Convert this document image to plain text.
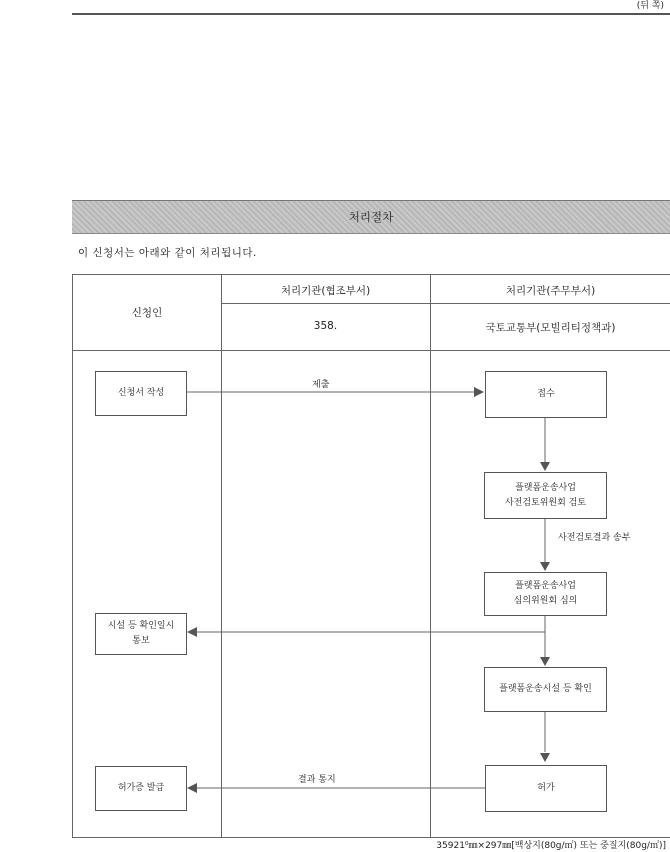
(뒤 쪽)
처리절차
이 신청서는 아래와 같이 처리됩니다.
신청인
처리기관(협조부서)
358.
처리기관(주무부서)
국토교통부(모빌리티정책과)
신청서 작성	접수
플랫폼운송사업
사전검토위원회 검토
플랫폼운송사업
심의위원회 심의
시설 등 확인일시
통보
플랫폼운송시설 등 확인
허가
허가증 발급
제출
사전검토결과 송부
결과 통지
35921⁰㎜×297㎜[백상지(80g/㎡) 또는 중질지(80g/㎡)]
